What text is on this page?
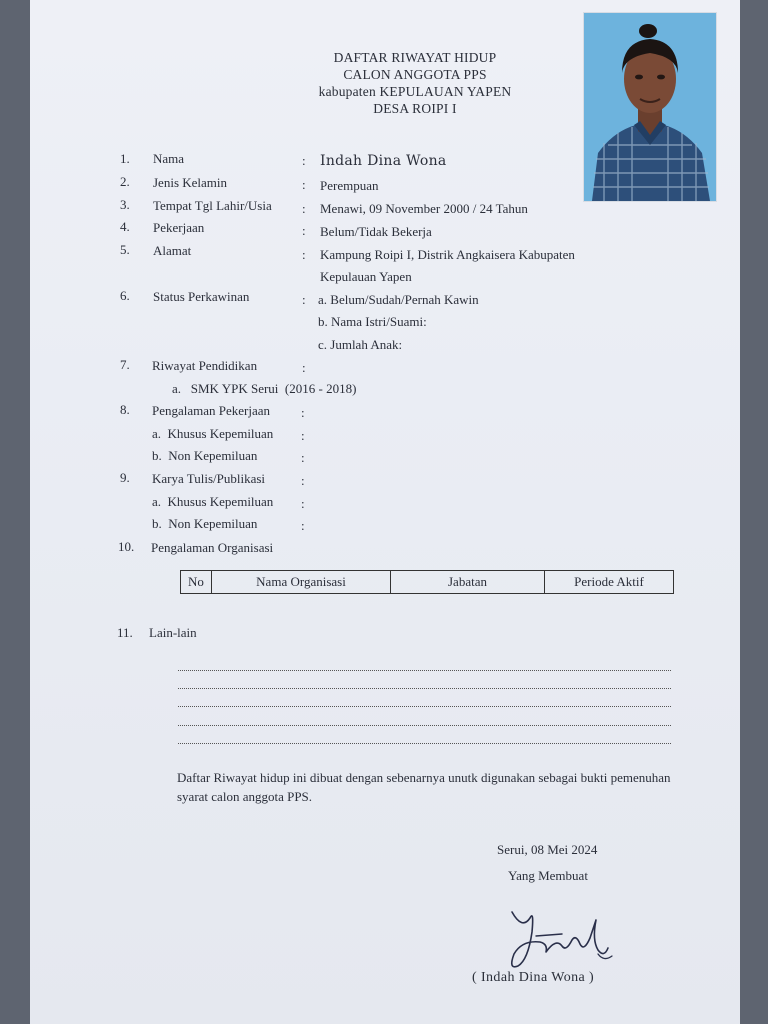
DAFTAR RIWAYAT HIDUP
CALON ANGGOTA PPS
kabupaten KEPULAUAN YAPEN
DESA ROIPI I
1. Nama	: Indah Dina Wona
2. Jenis Kelamin	: Perempuan
3. Tempat Tgl Lahir/Usia : Menawi, 09 November 2000 / 24 Tahun
4. Pekerjaan	: Belum/Tidak Bekerja
5. Alamat	: Kampung Roipi I, Distrik Angkaisera Kabupaten
Kepulauan Yapen
6. Status Perkawinan	: a. Belum/Sudah/Pernah Kawin
b. Nama Istri/Suami:
c. Jumlah Anak:
7. Riwayat Pendidikan	:
a.   SMK YPK Serui  (2016 - 2018)
8. Pengalaman Pekerjaan :
a.  Khusus Kepemiluan :
b.  Non Kepemiluan	:
9. Karya Tulis/Publikasi	:
a.  Khusus Kepemiluan :
b.  Non Kepemiluan	:
10. Pengalaman Organisasi
No	Nama Organisasi	Jabatan	Periode Aktif
11. Lain-lain
Daftar Riwayat hidup ini dibuat dengan sebenarnya unutk digunakan sebagai bukti pemenuhan syarat calon anggota PPS.
Serui, 08 Mei 2024
Yang Membuat
( Indah Dina Wona )
